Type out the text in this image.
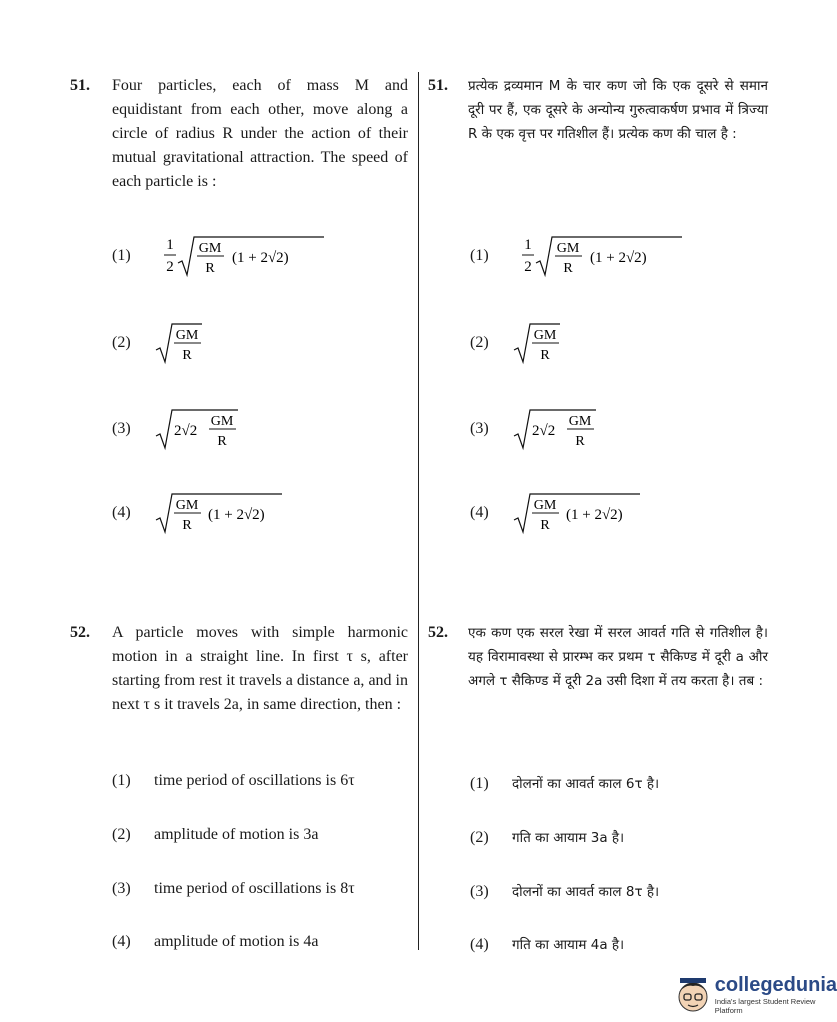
51. Four particles, each of mass M and equidistant from each other, move along a circle of radius R under the action of their mutual gravitational attraction. The speed of each particle is :
51. प्रत्येक द्रव्यमान M के चार कण जो कि एक दूसरे से समान दूरी पर हैं, एक दूसरे के अन्योन्य गुरुत्वाकर्षण प्रभाव में त्रिज्या R के एक वृत्त पर गतिशील हैं। प्रत्येक कण की चाल है :
(1)
1
2
GM
R
(1 + 2√2)
(2)	GM
R
(3)	2√2
GM
R
(4)	GM
R
(1 + 2√2)
(1)
1
2
GM
R
(1 + 2√2)
(2)	GM
R
(3)	2√2
GM
R
(4)	GM
R
(1 + 2√2)
52. A particle moves with simple harmonic motion in a straight line. In first τ s, after starting from rest it travels a distance a, and in next τ s it travels 2a, in same direction, then :
52. एक कण एक सरल रेखा में सरल आवर्त गति से गतिशील है। यह विरामावस्था से प्रारम्भ कर प्रथम τ सैकिण्ड में दूरी a और अगले τ सैकिण्ड में दूरी 2a उसी दिशा में तय करता है। तब :
(1)	time period of oscillations is 6τ
(2)	amplitude of motion is 3a
(3)	time period of oscillations is 8τ
(4)	amplitude of motion is 4a
(1)	दोलनों का आवर्त काल 6τ है।
(2)	गति का आयाम 3a है।
(3)	दोलनों का आवर्त काल 8τ है।
(4)	गति का आयाम 4a है।
collegedunia
India's largest Student Review Platform
